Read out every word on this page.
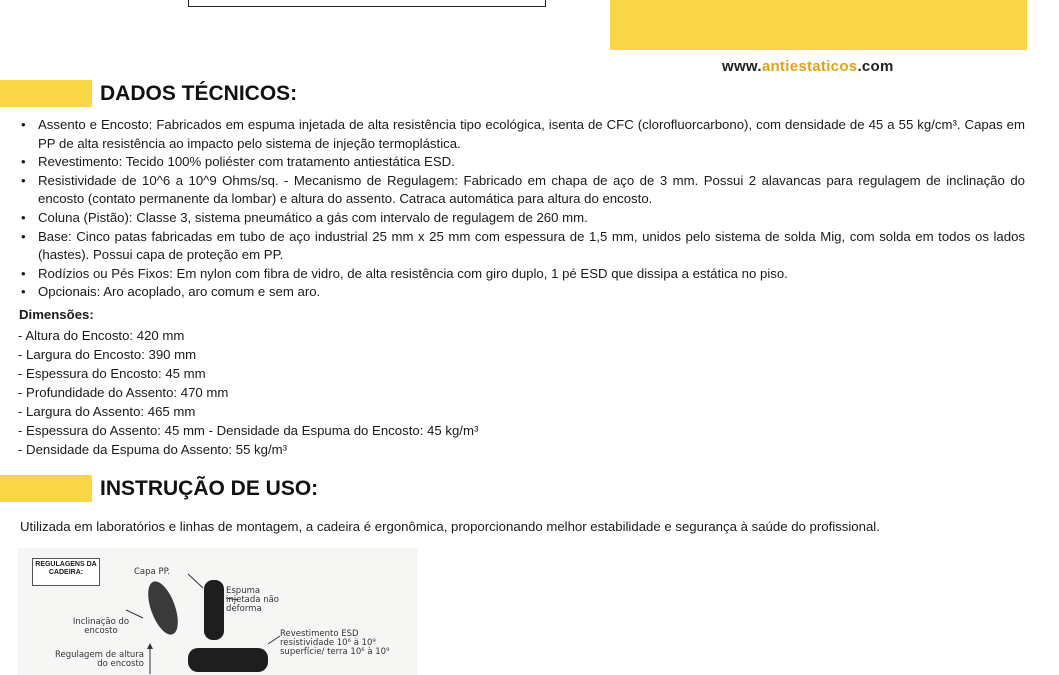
www.antiestaticos.com
DADOS TÉCNICOS:
• Assento e Encosto: Fabricados em espuma injetada de alta resistência tipo ecológica, isenta de CFC (clorofluorcarbono), com densidade de 45 a 55 kg/cm³. Capas em PP de alta resistência ao impacto pelo sistema de injeção termoplástica.
• Revestimento: Tecido 100% poliéster com tratamento antiestática ESD.
• Resistividade de 10^6 a 10^9 Ohms/sq. - Mecanismo de Regulagem: Fabricado em chapa de aço de 3 mm. Possui 2 alavancas para regulagem de inclinação do encosto (contato permanente da lombar) e altura do assento. Catraca automática para altura do encosto.
• Coluna (Pistão): Classe 3, sistema pneumático a gás com intervalo de regulagem de 260 mm.
• Base: Cinco patas fabricadas em tubo de aço industrial 25 mm x 25 mm com espessura de 1,5 mm, unidos pelo sistema de solda Mig, com solda em todos os lados (hastes). Possui capa de proteção em PP.
• Rodízios ou Pés Fixos: Em nylon com fibra de vidro, de alta resistência com giro duplo, 1 pé ESD que dissipa a estática no piso.
• Opcionais: Aro acoplado, aro comum e sem aro.
Dimensões:
- Altura do Encosto: 420 mm
- Largura do Encosto: 390 mm
- Espessura do Encosto: 45 mm
- Profundidade do Assento: 470 mm
- Largura do Assento: 465 mm
- Espessura do Assento: 45 mm - Densidade da Espuma do Encosto: 45 kg/m³
- Densidade da Espuma do Assento: 55 kg/m³
INSTRUÇÃO DE USO:
Utilizada em laboratórios e linhas de montagem, a cadeira é ergonômica, proporcionando melhor estabilidade e segurança à saúde do profissional.
REGULAGENS DA CADEIRA:	Capa PP.
Espuma injetada não deforma
Inclinação do encosto	Revestimento ESD resistividade 10⁶ à 10⁹ superfície/ terra 10⁶ à 10⁹
Regulagem de altura do encosto
